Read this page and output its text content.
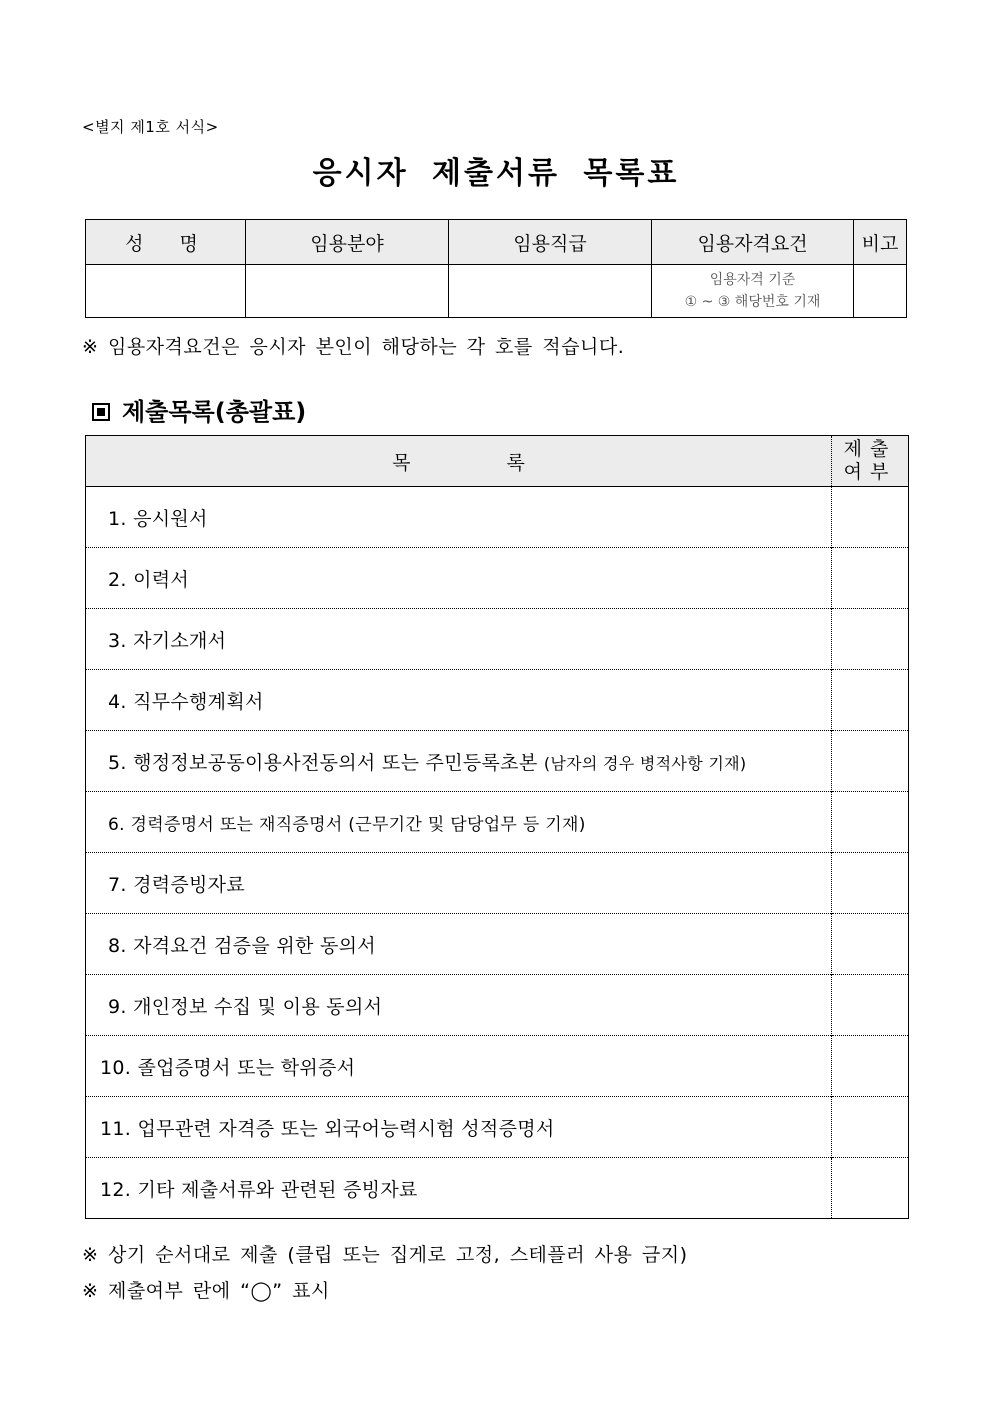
<별지 제1호 서식>
응시자 제출서류 목록표
성  명	임용분야	임용직급	임용자격요건	비고

			임용자격 기준
① ~ ③ 해당번호 기재	

※ 임용자격요건은 응시자 본인이 해당하는 각 호를 적습니다.
제출목록(총괄표)
목록	제출
여부

1. 응시원서	
2. 이력서	
3. 자기소개서	
4. 직무수행계획서	
5. 행정정보공동이용사전동의서 또는 주민등록초본 (남자의 경우 병적사항 기재)	
6. 경력증명서 또는 재직증명서 (근무기간 및 담당업무 등 기재)	
7. 경력증빙자료	
8. 자격요건 검증을 위한 동의서	
9. 개인정보 수집 및 이용 동의서	
10. 졸업증명서 또는 학위증서	
11. 업무관련 자격증 또는 외국어능력시험 성적증명서	
12. 기타 제출서류와 관련된 증빙자료	
※ 상기 순서대로 제출 (클립 또는 집게로 고정, 스테플러 사용 금지)
※ 제출여부 란에 “◯” 표시
